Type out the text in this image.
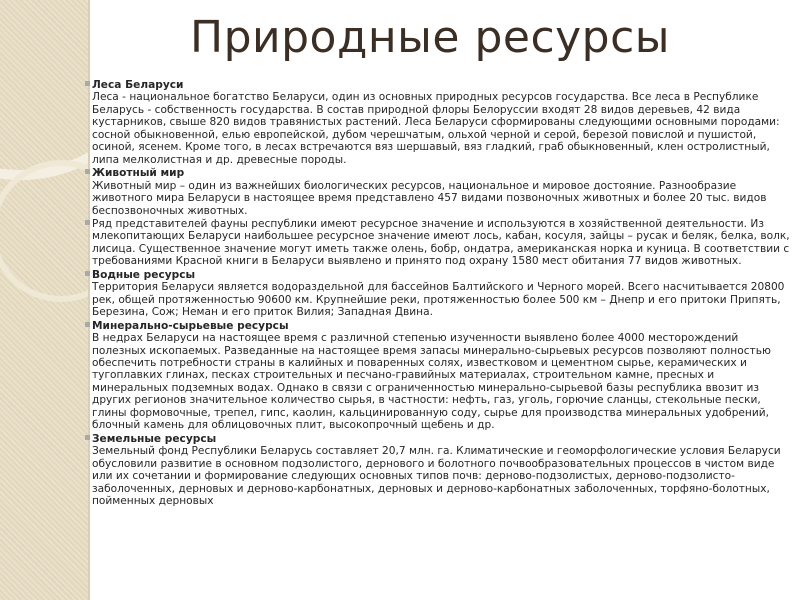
Природные ресурсы
Леса Беларуси
Леса - национальное богатство Беларуси, один из основных природных ресурсов государства. Все леса в Республике Беларусь - собственность государства. В состав природной флоры Белоруссии входят 28 видов деревьев, 42 вида кустарников, свыше 820 видов травянистых растений. Леса Беларуси сформированы следующими основными породами: сосной обыкновенной, елью европейской, дубом черешчатым, ольхой черной и серой, березой повислой и пушистой, осиной, ясенем. Кроме того, в лесах встречаются вяз шершавый, вяз гладкий, граб обыкновенный, клен остролистный, липа мелколистная и др. древесные породы.
Животный мир
Животный мир – один из важнейших биологических ресурсов, национальное и мировое достояние. Разнообразие животного мира Беларуси в настоящее время представлено 457 видами позвоночных животных и более 20 тыс. видов беспозвоночных животных.
Ряд представителей фауны республики имеют ресурсное значение и используются в хозяйственной деятельности. Из млекопитающих Беларуси наибольшее ресурсное значение имеют лось, кабан, косуля, зайцы – русак и беляк, белка, волк, лисица. Существенное значение могут иметь также олень, бобр, ондатра, американская норка и куница. В соответствии с требованиями Красной книги в Беларуси выявлено и принято под охрану 1580 мест обитания 77 видов животных.
Водные ресурсы
Территория Беларуси является водораздельной для бассейнов Балтийского и Черного морей. Всего насчитывается 20800 рек, общей протяженностью 90600 км. Крупнейшие реки, протяженностью более 500 км – Днепр и его притоки Припять, Березина, Сож; Неман и его приток Вилия; Западная Двина.
Минерально-сырьевые ресурсы
В недрах Беларуси на настоящее время с различной степенью изученности выявлено более 4000 месторождений полезных ископаемых. Разведанные на настоящее время запасы минерально-сырьевых ресурсов позволяют полностью обеспечить потребности страны в калийных и поваренных солях, известковом и цементном сырье, керамических и тугоплавких глинах, песках строительных и песчано-гравийных материалах, строительном камне, пресных и минеральных подземных водах. Однако в связи с ограниченностью минерально-сырьевой базы республика ввозит из других регионов значительное количество сырья, в частности: нефть, газ, уголь, горючие сланцы, стекольные пески, глины формовочные, трепел, гипс, каолин, кальцинированную соду, сырье для производства минеральных удобрений, блочный камень для облицовочных плит, высокопрочный щебень и др.
Земельные ресурсы
Земельный фонд Республики Беларусь составляет 20,7 млн. га. Климатические и геоморфологические условия Беларуси обусловили развитие в основном подзолистого, дернового и болотного почвообразовательных процессов в чистом виде или их сочетании и формирование следующих основных типов почв: дерново-подзолистых, дерново-подзолисто-заболоченных, дерновых и дерново-карбонатных, дерновых и дерново-карбонатных заболоченных, торфяно-болотных, пойменных дерновых
